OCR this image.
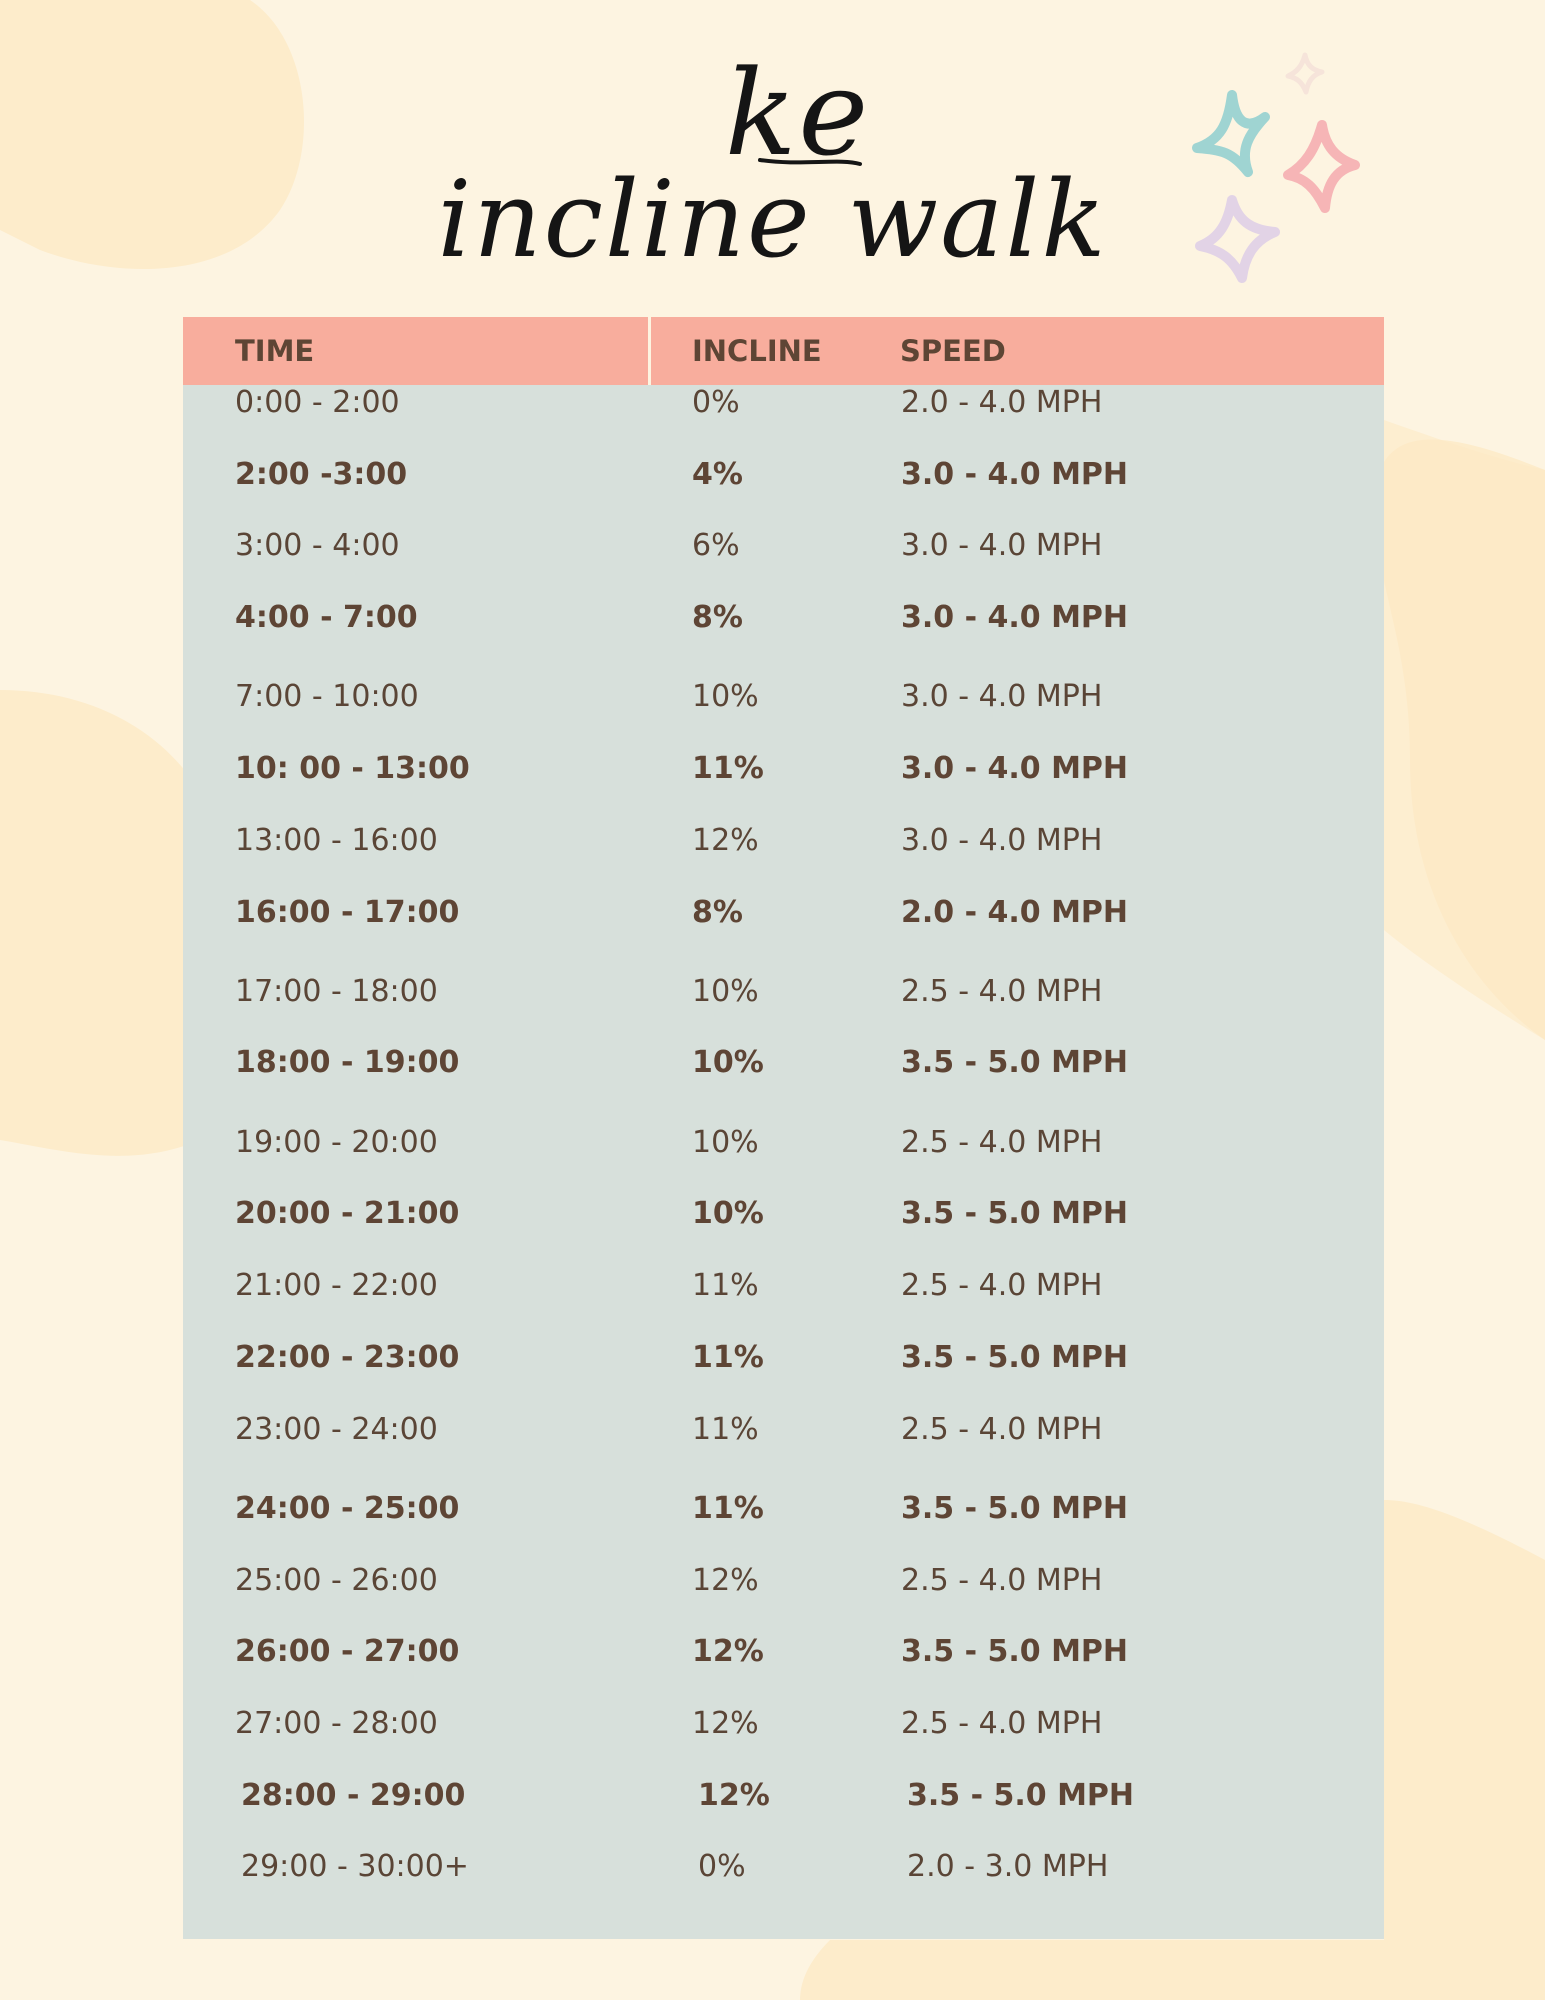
ke
incline walk
TIME	INCLINE	SPEED
0:00 - 2:00	0%	2.0 - 4.0 MPH
2:00 -3:00	4%	3.0 - 4.0 MPH
3:00 - 4:00	6%	3.0 - 4.0 MPH
4:00 - 7:00	8%	3.0 - 4.0 MPH
7:00 - 10:00	10%	3.0 - 4.0 MPH
10: 00 - 13:00	11%	3.0 - 4.0 MPH
13:00 - 16:00	12%	3.0 - 4.0 MPH
16:00 - 17:00	8%	2.0 - 4.0 MPH
17:00 - 18:00	10%	2.5 - 4.0 MPH
18:00 - 19:00	10%	3.5 - 5.0 MPH
19:00 - 20:00	10%	2.5 - 4.0 MPH
20:00 - 21:00	10%	3.5 - 5.0 MPH
21:00 - 22:00	11%	2.5 - 4.0 MPH
22:00 - 23:00	11%	3.5 - 5.0 MPH
23:00 - 24:00	11%	2.5 - 4.0 MPH
24:00 - 25:00	11%	3.5 - 5.0 MPH
25:00 - 26:00	12%	2.5 - 4.0 MPH
26:00 - 27:00	12%	3.5 - 5.0 MPH
27:00 - 28:00	12%	2.5 - 4.0 MPH
28:00 - 29:00	12%	3.5 - 5.0 MPH
29:00 - 30:00+	0%	2.0 - 3.0 MPH
